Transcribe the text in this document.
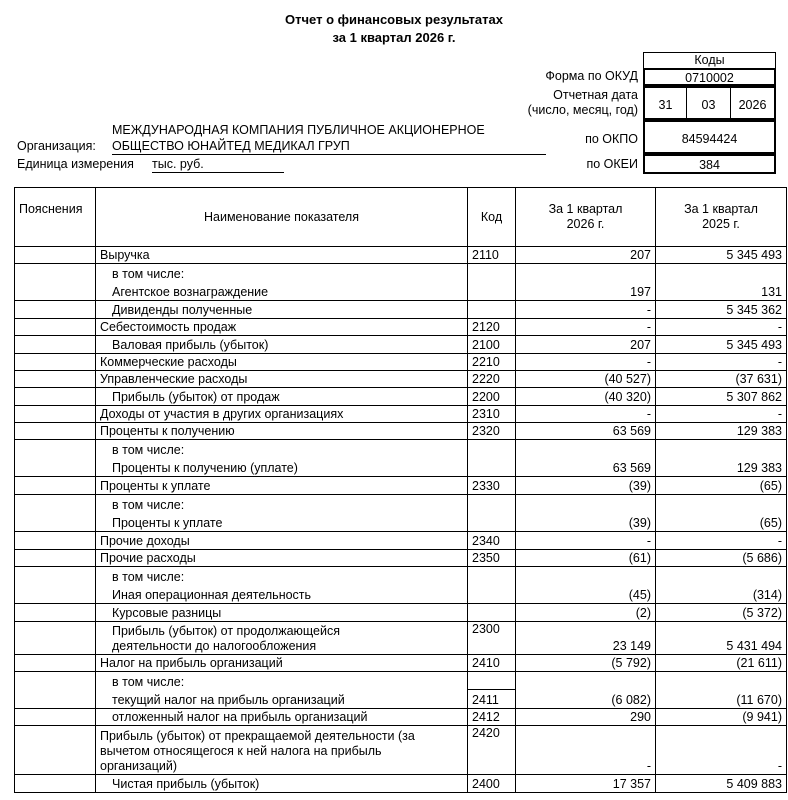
Отчет о финансовых результатах
за 1 квартал 2026 г.
Коды
Форма по ОКУД	0710002
Отчетная дата
(число, месяц, год)	31	03	2026
по ОКПО	84594424
по ОКЕИ	384
Организация:
МЕЖДУНАРОДНАЯ КОМПАНИЯ ПУБЛИЧНОЕ АКЦИОНЕРНОЕ
ОБЩЕСТВО ЮНАЙТЕД МЕДИКАЛ ГРУП
Единица измерения тыс. руб.
Пояснения	Наименование показателя	Код	За 1 квартал
2026 г.	За 1 квартал
2025 г.
	Выручка	2110	207	5 345 493
	в том числе:			
	Агентское вознаграждение		197	131
	Дивиденды полученные		-	5 345 362
	Себестоимость продаж	2120	-	-
	Валовая прибыль (убыток)	2100	207	5 345 493
	Коммерческие расходы	2210	-	-
	Управленческие расходы	2220	(40 527)	(37 631)
	Прибыль (убыток) от продаж	2200	(40 320)	5 307 862
	Доходы от участия в других организациях	2310	-	-
	Проценты к получению	2320	63 569	129 383
	в том числе:			
	Проценты к получению (уплате)		63 569	129 383
	Проценты к уплате	2330	(39)	(65)
	в том числе:			
	Проценты к уплате		(39)	(65)
	Прочие доходы	2340	-	-
	Прочие расходы	2350	(61)	(5 686)
	в том числе:			
	Иная операционная деятельность		(45)	(314)
	Курсовые разницы		(2)	(5 372)

	Прибыль (убыток) от продолжающейся
деятельности до налогообложения	2300	23 149	5 431 494
	Налог на прибыль организаций	2410	(5 792)	(21 611)
	в том числе:			
	текущий налог на прибыль организаций	2411	(6 082)	(11 670)
	отложенный налог на прибыль организаций	2412	290	(9 941)

	Прибыль (убыток) от прекращаемой деятельности (за
вычетом относящегося к ней налога на прибыль
организаций)	2420	-	-
	Чистая прибыль (убыток)	2400	17 357	5 409 883
